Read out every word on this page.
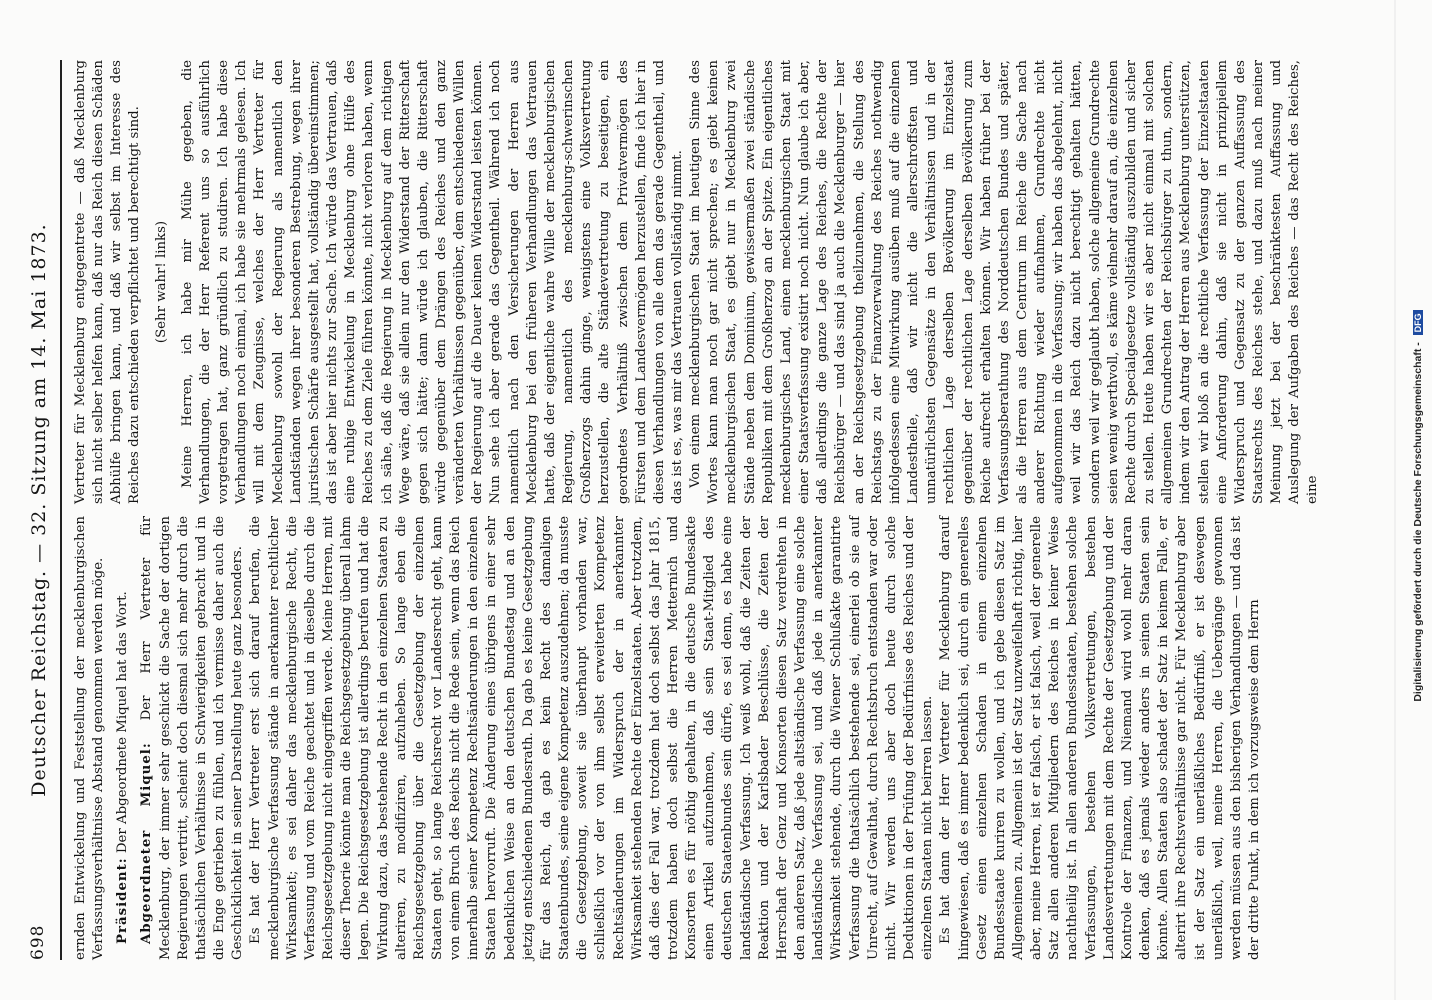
698
Deutscher Reichstag. — 32. Sitzung am 14. Mai 1873. ernden Entwickelung und Feststellung der mecklenburgischen Verfassungsverhältnisse Abstand genommen werden möge. Präsident: Der Abgeordnete Miquel hat das Wort. Abgeordneter Miquel: Der Herr Vertreter für Mecklenburg, der immer sehr geschickt die Sache der dortigen Regierungen vertritt, scheint doch diesmal sich mehr durch die thatsächlichen Verhältnisse in Schwierigkeiten gebracht und in die Enge getrieben zu fühlen, und ich vermisse daher auch die Geschicklichkeit in seiner Darstellung heute ganz besonders. Es hat der Herr Vertreter erst sich darauf berufen, die mecklenburgische Verfassung stände in anerkannter rechtlicher Wirksamkeit; es sei daher das mecklenburgische Recht, die Verfassung und vom Reiche geachtet und in dieselbe durch die Reichsgesetzgebung nicht eingegriffen werde. Meine Herren, mit dieser Theorie könnte man die Reichsgesetzgebung überall lahm legen. Die Reichsgesetzgebung ist allerdings berufen und hat die Wirkung dazu, das bestehende Recht in den einzelnen Staaten zu alteriren, zu modifiziren, aufzuheben. So lange eben die Reichsgesetzgebung über die Gesetzgebung der einzelnen Staaten geht, so lange Reichsrecht vor Landesrecht geht, kann von einem Bruch des Reichs nicht die Rede sein, wenn das Reich innerhalb seiner Kompetenz Rechtsänderungen in den einzelnen Staaten hervorruft. Die Änderung eines übrigens in einer sehr bedenklichen Weise an den deutschen Bundestag und an den jetzig entschiedenen Bundesrath. Da gab es keine Gesetzgebung für das Reich, da gab es kein Recht des damaligen Staatenbundes, seine eigene Kompetenz auszudehnen; da musste die Gesetzgebung, soweit sie überhaupt vorhanden war, schließlich vor der von ihm selbst erweiterten Kompetenz Rechtsänderungen im Widerspruch der in anerkannter Wirksamkeit stehenden Rechte der Einzelstaaten. Aber trotzdem, daß dies der Fall war, trotzdem hat doch selbst das Jahr 1815, trotzdem haben doch selbst die Herren Metternich und Konsorten es für nöthig gehalten, in die deutsche Bundesakte einen Artikel aufzunehmen, daß sein Staat-Mitglied des deutschen Staatenbundes sein dürfe, es sei denn, es habe eine landständische Verfassung. Ich weiß wohl, daß die Zeiten der Reaktion und der Karlsbader Beschlüsse, die Zeiten der Herrschaft der Genz und Konsorten diesen Satz verdrehten in den anderen Satz, daß jede altständische Verfassung eine solche landständische Verfassung sei, und daß jede in anerkannter Wirksamkeit stehende, durch die Wiener Schlußakte garantirte Verfassung die thatsächlich bestehende sei, einerlei ob sie auf Unrecht, auf Gewalthat, durch Rechtsbruch entstanden war oder nicht. Wir werden uns aber doch heute durch solche Deduktionen in der Prüfung der Bedürfnisse des Reiches und der einzelnen Staaten nicht beirren lassen. Es hat dann der Herr Vertreter für Mecklenburg darauf hingewiesen, daß es immer bedenklich sei, durch ein generelles Gesetz einen einzelnen Schaden in einem einzelnen Bundesstaate kuriren zu wollen, und ich gebe diesen Satz im Allgemeinen zu. Allgemein ist der Satz unzweifelhaft richtig, hier aber, meine Herren, ist er falsch, er ist falsch, weil der generelle Satz allen anderen Mitgliedern des Reiches in keiner Weise nachtheilig ist. In allen anderen Bundesstaaten, bestehen solche Verfassungen, bestehen Volksvertretungen, bestehen Landesvertretungen mit dem Rechte der Gesetzgebung und der Kontrole der Finanzen, und Niemand wird wohl mehr daran denken, daß es jemals wieder anders in seinen Staaten sein könnte. Allen Staaten also schadet der Satz in keinem Falle, er alterirt ihre Rechtsverhältnisse gar nicht. Für Mecklenburg aber ist der Satz ein unerläßliches Bedürfniß, er ist deswegen unerläßlich, weil, meine Herren, die Uebergänge gewonnen werden müssen aus den bisherigen Verhandlungen — und das ist der dritte Punkt, in dem ich vorzugsweise dem Herrn

Vertreter für Mecklenburg entgegentrete — daß Mecklenburg sich nicht selber helfen kann, daß nur das Reich diesen Schäden Abhülfe bringen kann, und daß wir selbst im Interesse des Reiches dazu entschieden verpflichtet und berechtigt sind. (Sehr wahr! links) Meine Herren, ich habe mir Mühe gegeben, die Verhandlungen, die der Herr Referent uns so ausführlich vorgetragen hat, ganz gründlich zu studiren. Ich habe diese Verhandlungen noch einmal, ich habe sie mehrmals gelesen. Ich will mit dem Zeugnisse, welches der Herr Vertreter für Mecklenburg sowohl der Regierung als namentlich den Landständen wegen ihrer besonderen Bestrebung, wegen ihrer juristischen Schärfe ausgestellt hat, vollständig übereinstimmen; das ist aber hier nichts zur Sache. Ich würde das Vertrauen, daß eine ruhige Entwickelung in Mecklenburg ohne Hülfe des Reiches zu dem Ziele führen könnte, nicht verloren haben, wenn ich sähe, daß die Regierung in Mecklenburg auf dem richtigen Wege wäre, daß sie allein nur den Widerstand der Ritterschaft gegen sich hätte; dann würde ich glauben, die Ritterschaft würde gegenüber dem Drängen des Reiches und den ganz veränderten Verhältnissen gegenüber, dem entschiedenen Willen der Regierung auf die Dauer keinen Widerstand leisten können. Nun sehe ich aber gerade das Gegentheil. Während ich noch namentlich nach den Versicherungen der Herren aus Mecklenburg bei den früheren Verhandlungen das Vertrauen hatte, daß der eigentliche wahre Wille der mecklenburgischen Regierung, namentlich des mecklenburg-schwerinschen Großherzogs dahin ginge, wenigstens eine Volksvertretung herzustellen, die alte Ständevertretung zu beseitigen, ein geordnetes Verhältniß zwischen dem Privatvermögen des Fürsten und dem Landesvermögen herzustellen, finde ich hier in diesen Verhandlungen von alle dem das gerade Gegentheil, und das ist es, was mir das Vertrauen vollständig nimmt. Von einem mecklenburgischen Staat im heutigen Sinne des Wortes kann man noch gar nicht sprechen; es giebt keinen mecklenburgischen Staat, es giebt nur in Mecklenburg zwei Stände neben dem Dominium, gewissermaßen zwei ständische Republiken mit dem Großherzog an der Spitze. Ein eigentliches mecklenburgisches Land, einen mecklenburgischen Staat mit einer Staatsverfassung existirt noch nicht. Nun glaube ich aber, daß allerdings die ganze Lage des Reiches, die Rechte der Reichsbürger — und das sind ja auch die Mecklenburger — hier an der Reichsgesetzgebung theilzunehmen, die Stellung des Reichstags zu der Finanzverwaltung des Reiches nothwendig infolgedessen eine Mitwirkung ausüben muß auf die einzelnen Landestheile, daß wir nicht die allerschroffsten und unnatürlichsten Gegensätze in den Verhältnissen und in der rechtlichen Lage derselben Bevölkerung im Einzelstaat gegenüber der rechtlichen Lage derselben Bevölkerung zum Reiche aufrecht erhalten können. Wir haben früher bei der Verfassungsberathung des Norddeutschen Bundes und später, als die Herren aus dem Centrum im Reiche die Sache nach anderer Richtung wieder aufnahmen, Grundrechte nicht aufgenommen in die Verfassung; wir haben das abgelehnt, nicht weil wir das Reich dazu nicht berechtigt gehalten hätten, sondern weil wir geglaubt haben, solche allgemeine Grundrechte seien wenig werthvoll, es käme vielmehr darauf an, die einzelnen Rechte durch Specialgesetze vollständig auszubilden und sicher zu stellen. Heute haben wir es aber nicht einmal mit solchen allgemeinen Grundrechten der Reichsbürger zu thun, sondern, indem wir den Antrag der Herren aus Mecklenburg unterstützen, stellen wir bloß an die rechtliche Verfassung der Einzelstaaten eine Anforderung dahin, daß sie nicht in prinzipiellem Widerspruch und Gegensatz zu der ganzen Auffassung des Staatsrechts des Reiches stehe, und dazu muß nach meiner Meinung jetzt bei der beschränktesten Auffassung und Auslegung der Aufgaben des Reiches — das Recht des Reiches, eine	Digitalisierung gefördert durch die Deutsche Forschungsgemeinschaft - DFG
